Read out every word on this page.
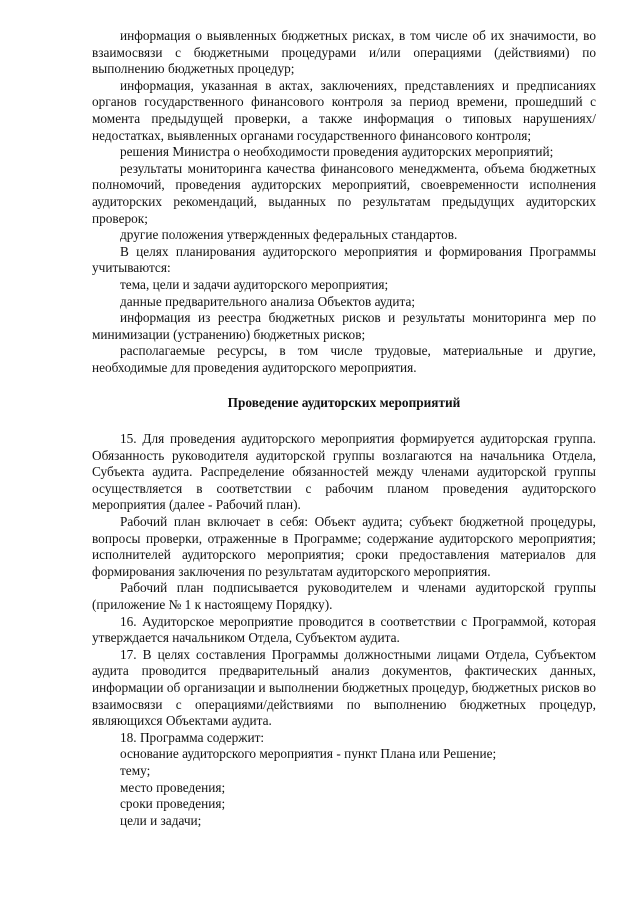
информация о выявленных бюджетных рисках, в том числе об их значимости, во взаимосвязи с бюджетными процедурами и/или операциями (действиями) по выполнению бюджетных процедур;

информация, указанная в актах, заключениях, представлениях и предписаниях органов государственного финансового контроля за период времени, прошедший с момента предыдущей проверки, а также информация о типовых нарушениях/недостатках, выявленных органами государственного финансового контроля;

решения Министра о необходимости проведения аудиторских мероприятий;

результаты мониторинга качества финансового менеджмента, объема бюджетных полномочий, проведения аудиторских мероприятий, своевременности исполнения аудиторских рекомендаций, выданных по результатам предыдущих аудиторских проверок;

другие положения утвержденных федеральных стандартов.

В целях планирования аудиторского мероприятия и формирования Программы учитываются:

тема, цели и задачи аудиторского мероприятия;

данные предварительного анализа Объектов аудита;

информация из реестра бюджетных рисков и результаты мониторинга мер по минимизации (устранению) бюджетных рисков;

располагаемые ресурсы, в том числе трудовые, материальные и другие, необходимые для проведения аудиторского мероприятия.

Проведение аудиторских мероприятий

15. Для проведения аудиторского мероприятия формируется аудиторская группа. Обязанность руководителя аудиторской группы возлагаются на начальника Отдела, Субъекта аудита. Распределение обязанностей между членами аудиторской группы осуществляется в соответствии с рабочим планом проведения аудиторского мероприятия (далее - Рабочий план).

Рабочий план включает в себя: Объект аудита; субъект бюджетной процедуры, вопросы проверки, отраженные в Программе; содержание аудиторского мероприятия; исполнителей аудиторского мероприятия; сроки предоставления материалов для формирования заключения по результатам аудиторского мероприятия.

Рабочий план подписывается руководителем и членами аудиторской группы (приложение № 1 к настоящему Порядку).

16. Аудиторское мероприятие проводится в соответствии с Программой, которая утверждается начальником Отдела, Субъектом аудита.

17. В целях составления Программы должностными лицами Отдела, Субъектом аудита проводится предварительный анализ документов, фактических данных, информации об организации и выполнении бюджетных процедур, бюджетных рисков во взаимосвязи с операциями/действиями по выполнению бюджетных процедур, являющихся Объектами аудита.

18. Программа содержит:

основание аудиторского мероприятия - пункт Плана или Решение;

тему;

место проведения;

сроки проведения;

цели и задачи;
